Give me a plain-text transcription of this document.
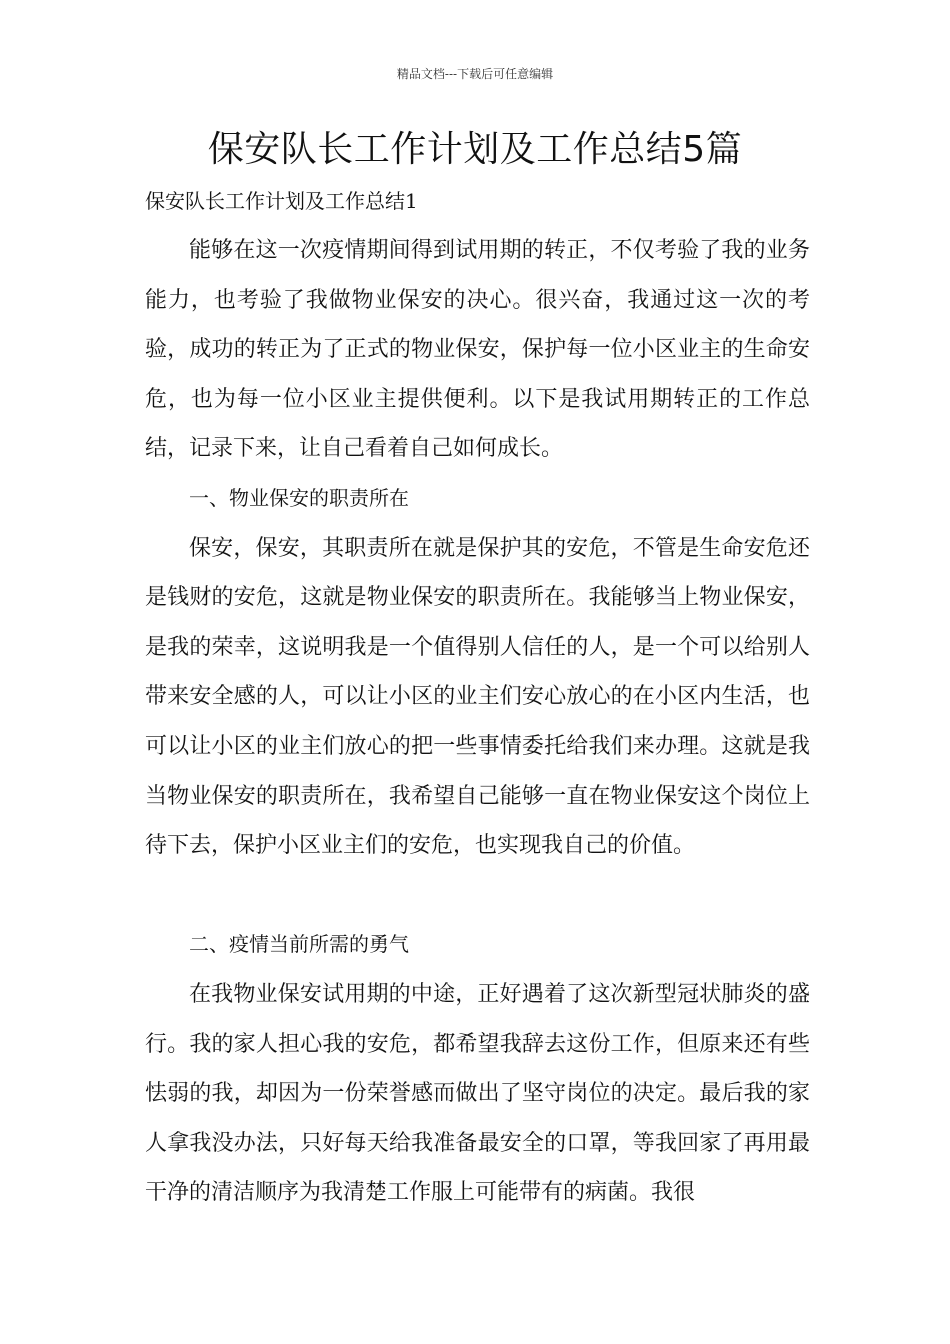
精品文档---下载后可任意编辑
保安队长工作计划及工作总结5篇
保安队长工作计划及工作总结1

能够在这一次疫情期间得到试用期的转正，不仅考验了我的业务能力，也考验了我做物业保安的决心。很兴奋，我通过这一次的考验，成功的转正为了正式的物业保安，保护每一位小区业主的生命安危，也为每一位小区业主提供便利。以下是我试用期转正的工作总结，记录下来，让自己看着自己如何成长。

一、物业保安的职责所在

保安，保安，其职责所在就是保护其的安危，不管是生命安危还是钱财的安危，这就是物业保安的职责所在。我能够当上物业保安，是我的荣幸，这说明我是一个值得别人信任的人，是一个可以给别人带来安全感的人，可以让小区的业主们安心放心的在小区内生活，也可以让小区的业主们放心的把一些事情委托给我们来办理。这就是我当物业保安的职责所在，我希望自己能够一直在物业保安这个岗位上待下去，保护小区业主们的安危，也实现我自己的价值。

二、疫情当前所需的勇气

在我物业保安试用期的中途，正好遇着了这次新型冠状肺炎的盛行。我的家人担心我的安危，都希望我辞去这份工作，但原来还有些怯弱的我，却因为一份荣誉感而做出了坚守岗位的决定。最后我的家人拿我没办法，只好每天给我准备最安全的口罩，等我回家了再用最干净的清洁顺序为我清楚工作服上可能带有的病菌。我很
